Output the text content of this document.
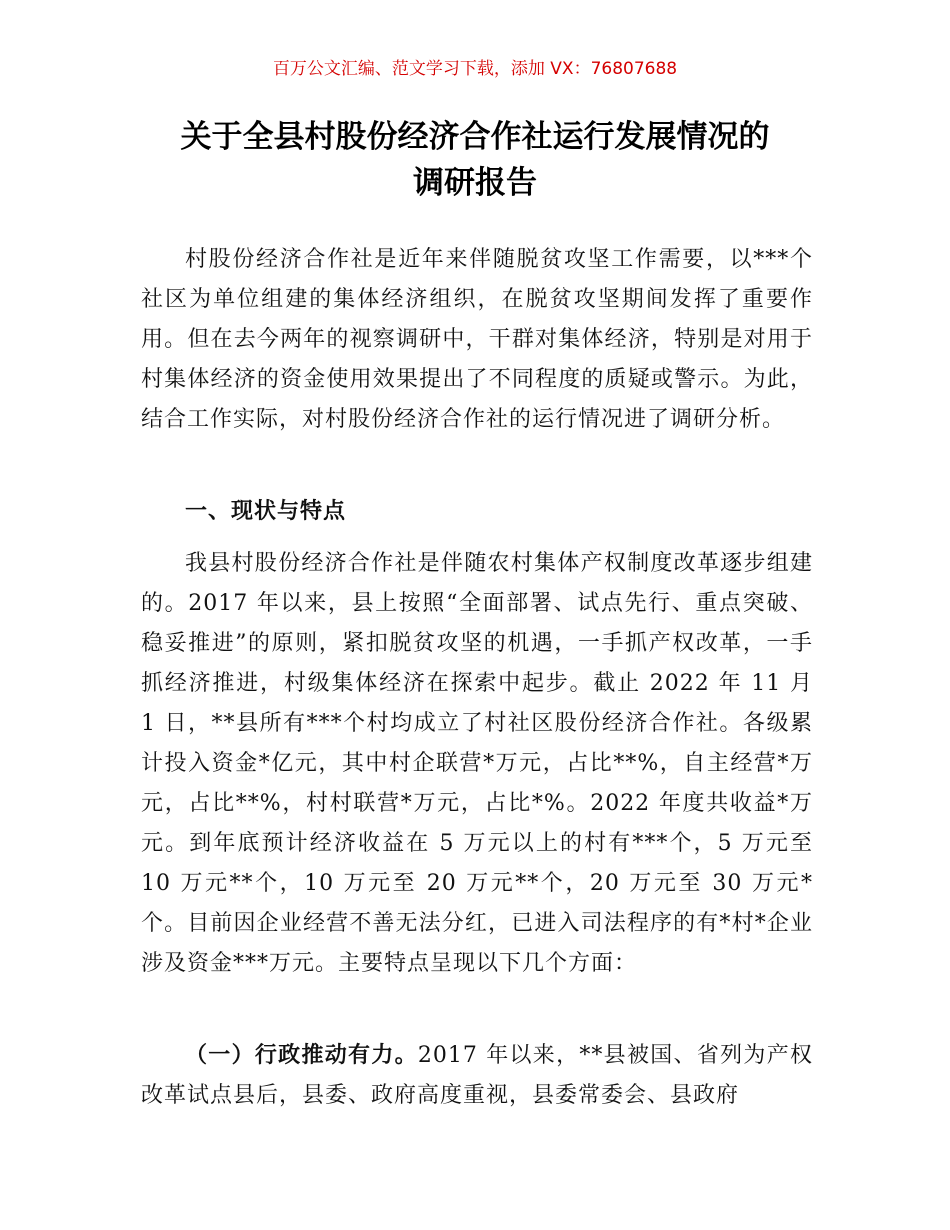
百万公文汇编、范文学习下载，添加 VX：76807688
关于全县村股份经济合作社运行发展情况的
调研报告

村股份经济合作社是近年来伴随脱贫攻坚工作需要，以***个社区为单位组建的集体经济组织，在脱贫攻坚期间发挥了重要作用。但在去今两年的视察调研中，干群对集体经济，特别是对用于村集体经济的资金使用效果提出了不同程度的质疑或警示。为此，结合工作实际，对村股份经济合作社的运行情况进了调研分析。

一、现状与特点

我县村股份经济合作社是伴随农村集体产权制度改革逐步组建的。2017 年以来，县上按照“全面部署、试点先行、重点突破、稳妥推进”的原则，紧扣脱贫攻坚的机遇，一手抓产权改革，一手抓经济推进，村级集体经济在探索中起步。截止 2022 年 11 月 1 日，**县所有***个村均成立了村社区股份经济合作社。各级累计投入资金*亿元，其中村企联营*万元，占比**%，自主经营*万元，占比**%，村村联营*万元，占比*%。2022 年度共收益*万元。到年底预计经济收益在 5 万元以上的村有***个，5 万元至 10 万元**个，10 万元至 20 万元**个，20 万元至 30 万元*个。目前因企业经营不善无法分红，已进入司法程序的有*村*企业涉及资金***万元。主要特点呈现以下几个方面：

（一）行政推动有力。2017 年以来，**县被国、省列为产权改革试点县后，县委、政府高度重视，县委常委会、县政府
